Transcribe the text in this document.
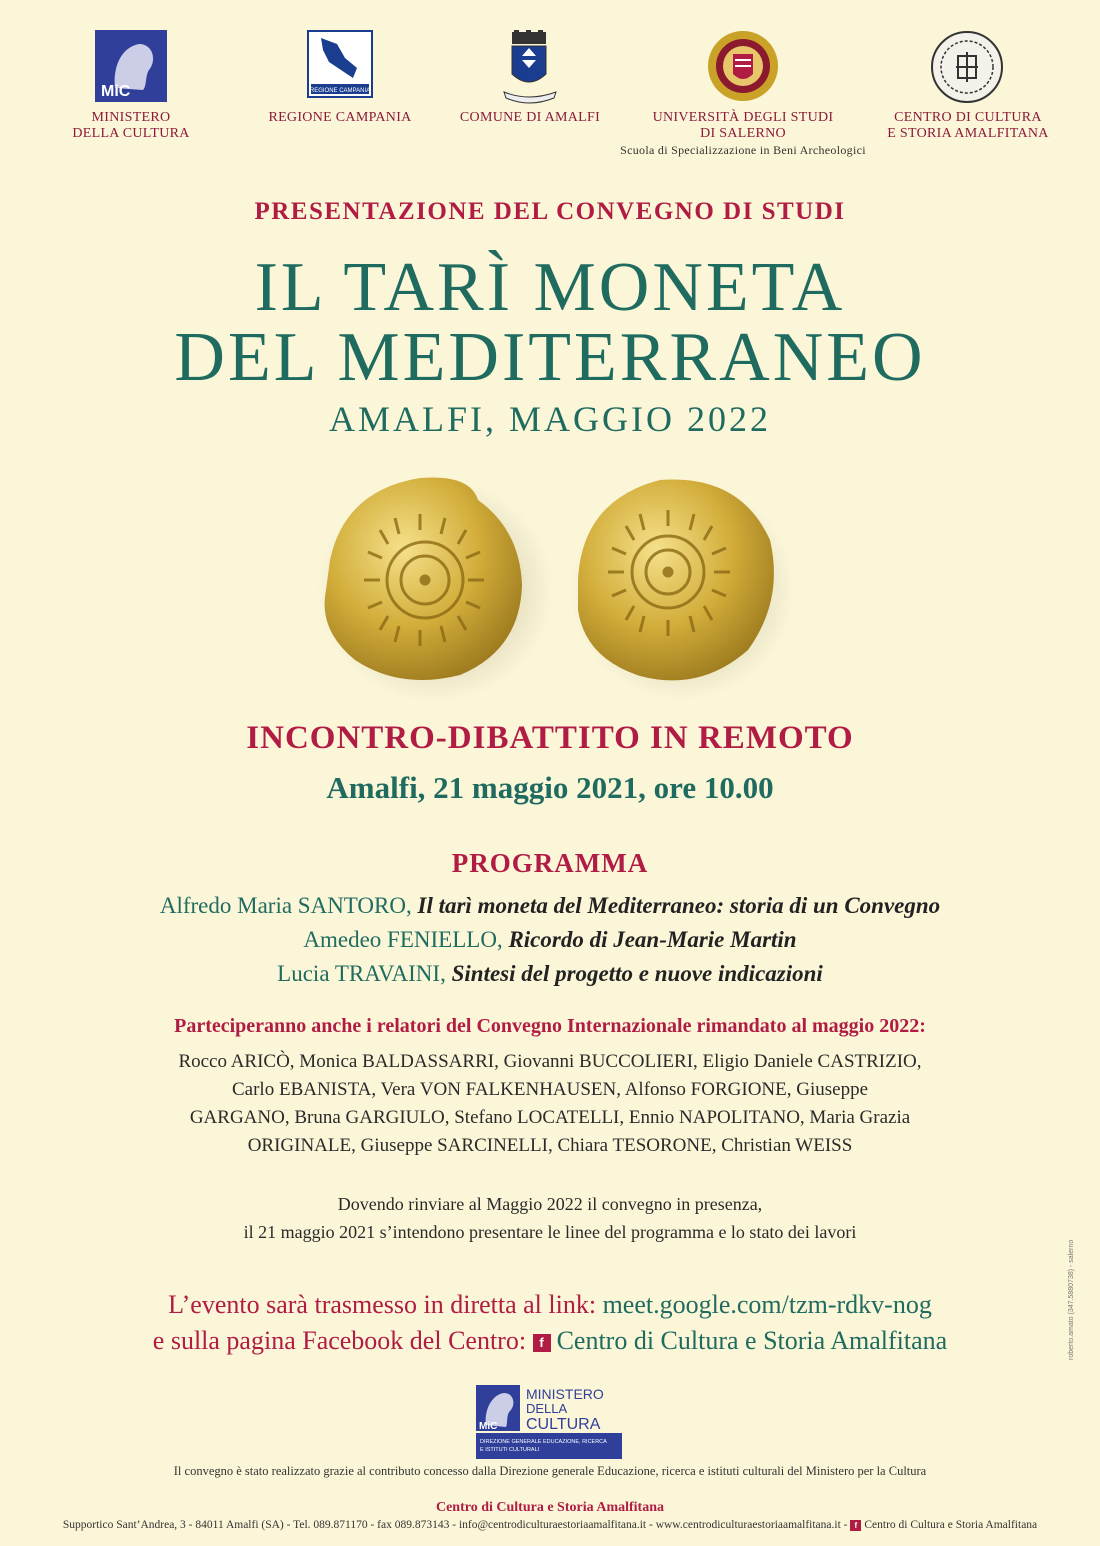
MiC
MINISTERO
DELLA CULTURA
REGIONE CAMPANIA
REGIONE CAMPANIA	COMUNE DI AMALFI	UNIVERSITÀ DEGLI STUDI
DI SALERNO
Scuola di Specializzazione in Beni Archeologici
CENTRO DI CULTURA
E STORIA AMALFITANA
PRESENTAZIONE DEL CONVEGNO DI STUDI
IL TARÌ MONETA
DEL MEDITERRANEO
AMALFI, MAGGIO 2022
INCONTRO-DIBATTITO IN REMOTO
Amalfi, 21 maggio 2021, ore 10.00
PROGRAMMA
Alfredo Maria SANTORO, Il tarì moneta del Mediterraneo: storia di un Convegno
Amedeo FENIELLO, Ricordo di Jean-Marie Martin
Lucia TRAVAINI, Sintesi del progetto e nuove indicazioni
Parteciperanno anche i relatori del Convegno Internazionale rimandato al maggio 2022:
Rocco ARICÒ, Monica BALDASSARRI, Giovanni BUCCOLIERI, Eligio Daniele CASTRIZIO,
Carlo EBANISTA, Vera VON FALKENHAUSEN, Alfonso FORGIONE, Giuseppe
GARGANO, Bruna GARGIULO, Stefano LOCATELLI, Ennio NAPOLITANO, Maria Grazia
ORIGINALE, Giuseppe SARCINELLI, Chiara TESORONE, Christian WEISS
Dovendo rinviare al Maggio 2022 il convegno in presenza,
il 21 maggio 2021 s’intendono presentare le linee del programma e lo stato dei lavori
L’evento sarà trasmesso in diretta al link: meet.google.com/tzm-rdkv-nog
e sulla pagina Facebook del Centro: f Centro di Cultura e Storia Amalfitana
MiC
MINISTERO
DELLA
CULTURA
DIREZIONE GENERALE EDUCAZIONE, RICERCA
E ISTITUTI CULTURALI
Il convegno è stato realizzato grazie al contributo concesso dalla Direzione generale Educazione, ricerca e istituti culturali del Ministero per la Cultura
Centro di Cultura e Storia Amalfitana
Supportico Sant’Andrea, 3 - 84011 Amalfi (SA) - Tel. 089.871170 - fax 089.873143 - info@centrodiculturaestoriaamalfitana.it - www.centrodiculturaestoriaamalfitana.it - f Centro di Cultura e Storia Amalfitana
roberto.amato (347.5880738) - salerno
